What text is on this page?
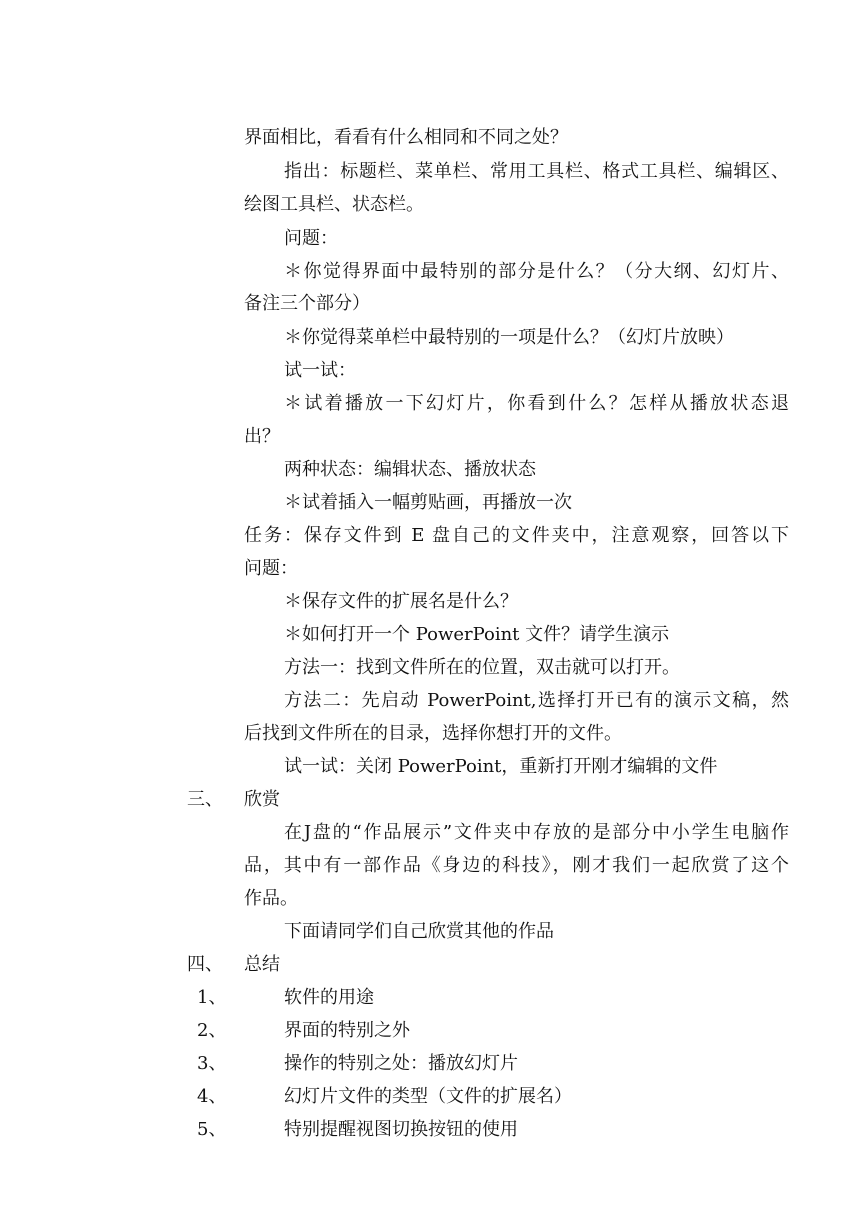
界面相比，看看有什么相同和不同之处？

指出：标题栏、菜单栏、常用工具栏、格式工具栏、编辑区、

绘图工具栏、状态栏。

问题：

＊你觉得界面中最特别的部分是什么？（分大纲、幻灯片、

备注三个部分）

＊你觉得菜单栏中最特别的一项是什么？（幻灯片放映）

试一试：

＊试着播放一下幻灯片，你看到什么？怎样从播放状态退

出？

两种状态：编辑状态、播放状态

＊试着插入一幅剪贴画，再播放一次

任务：保存文件到 E 盘自己的文件夹中，注意观察，回答以下

问题：

＊保存文件的扩展名是什么？

＊如何打开一个 PowerPoint 文件？请学生演示

方法一：找到文件所在的位置，双击就可以打开。

方法二：先启动 PowerPoint,选择打开已有的演示文稿，然

后找到文件所在的目录，选择你想打开的文件。

试一试：关闭 PowerPoint，重新打开刚才编辑的文件

三、 欣赏

在J盘的“作品展示”文件夹中存放的是部分中小学生电脑作

品，其中有一部作品《身边的科技》，刚才我们一起欣赏了这个

作品。

下面请同学们自己欣赏其他的作品

四、 总结

1、	软件的用途

2、	界面的特别之外

3、	操作的特别之处：播放幻灯片

4、	幻灯片文件的类型（文件的扩展名）

5、	特别提醒视图切换按钮的使用
